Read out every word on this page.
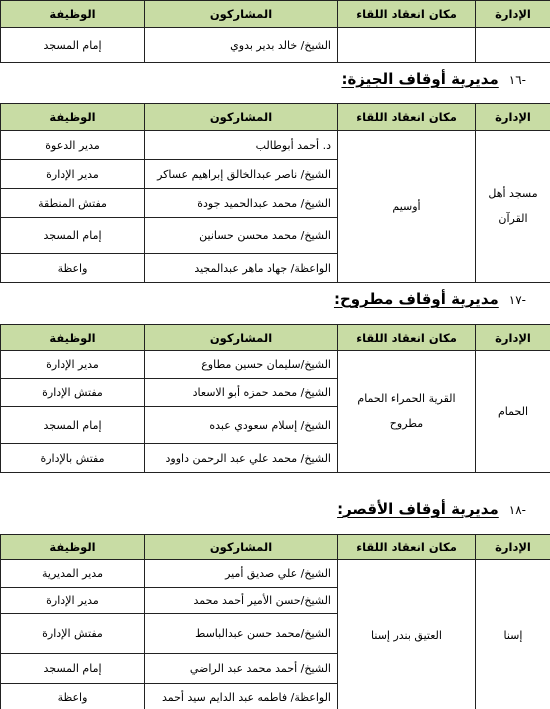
الإدارة	مكان انعقاد اللقاء	المشاركون	الوظيفة
		الشيخ/ خالد بدير بدوي	إمام المسجد
-١٦
مديرية أوقاف الجيزة:
الإدارة	مكان انعقاد اللقاء	المشاركون	الوظيفة
مسجد أهل القرآن	أوسيم	د. أحمد أبوطالب	مدير الدعوة
		الشيخ/ ناصر عبدالخالق إبراهيم عساكر	مدير الإدارة
		الشيخ/ محمد عبدالحميد جودة	مفتش المنطقة
		الشيخ/ محمد محسن حسانين	إمام المسجد
		الواعظة/ جهاد ماهر عبدالمجيد	واعظة
-١٧
مديرية أوقاف مطروح:
الإدارة	مكان انعقاد اللقاء	المشاركون	الوظيفة
الحمام	القرية الحمراء الحمام مطروح	الشيخ/سليمان حسين مطاوع	مدير الإدارة
		الشيخ/ محمد حمزه أبو الاسعاد	مفتش الإدارة
		الشيخ/ إسلام سعودي عبده	إمام المسجد
		الشيخ/ محمد علي عبد الرحمن داوود	مفتش بالإدارة
-١٨
مديرية أوقاف الأقصر:
الإدارة	مكان انعقاد اللقاء	المشاركون	الوظيفة
إسنا	العتيق بندر إسنا	الشيخ/ علي صديق أمير	مدير المديرية
		الشيخ/حسن الأمير أحمد محمد	مدير الإدارة
		الشيخ/محمد حسن عبدالباسط	مفتش الإدارة
		الشيخ/ أحمد محمد عبد الراضي	إمام المسجد
		الواعظة/ فاطمه عبد الدايم سيد أحمد	واعظة
